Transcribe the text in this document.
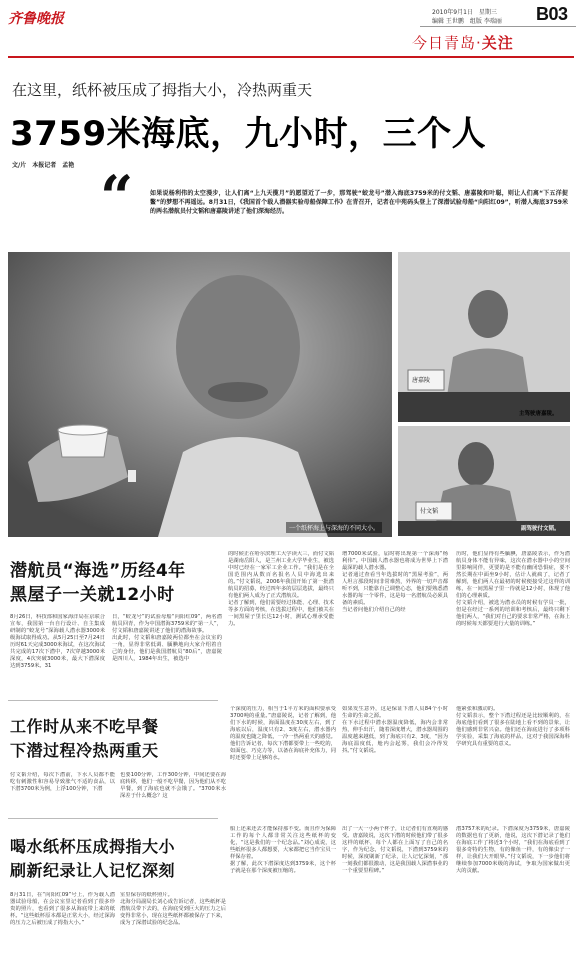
齐鲁晚报	2010年9月1日　星期三
编辑 王世鹏　组版 李瑞丽 B03
今日青岛·关注
在这里，纸杯被压成了拇指大小，冷热两重天
3759米海底，九小时，三个人
文/片　本报记者　孟艳 “	如果说杨利伟的太空漫步，让人们离“上九天揽月”的愿望近了一步，那驾驶“蛟龙号”潜入海底3759米的付文韬、唐嘉陵和叶聪，则让人们离“下五洋捉鳖”的梦想不再遥远。8月31日，《我国首个载人潜器实验母船保障工作》在青召开，记者在中苑码头登上了深潜试验母船“向阳红09”，听潜人海底3759米的两名潜航员付文韬和唐嘉陵讲述了他们深海经历。
一个纸杯海上与深海的不同大小。
唐嘉陵
主驾驶唐嘉陵。
付文韬
副驾驶付文韬。
潜航员“海选”历经4年
黑屋子一关就12小时
8月26日，科技部和国家海洋局在京联合宣布，我国第一台自行设计、自主集成研制的“蛟龙号”深海载人潜水器3000米级海试取得成功。从5月25日至7月24日历时61天完成3000米海试，在这次海试共完成的17次下潜中，7次穿越3000米深度，4次突破3000米，最大下潜深度达到3759米。31
日，“蛟龙号”的试验母船“向阳红09”，两名潜航员回青，作为中国潜海3759米的“第一人”，付文韬和唐嘉陵讲述了他们的潜海故事。
出此时，付文韬和唐嘉陵两位都坐在会议室的一角，显得非常低调、腼腆地向大家介绍着自己的身份，他们是我国潜航员“80后”，唐嘉陵是四川人，1984年出生，被选中
的时候正在哈尔滨理工大学读大三，而付文韬是湖南岳阳人，是兰州工业大学毕业生，被选中时已经在一家军工企业工作。“我们是在全国范围内从数百名报名人员中海选出来的。”付文韬说，2006年我国开始了第一批潜航员的招募，经过四年多的层层选拔，最终只有他们两人成为了正式潜航员。
记者了解到，他们需要经过体能、心理、技术等多方面的考核，在选拔过程中，他们被关在一间黑屋子里长达12小时，测试心理承受能力。
增7000米试验，届时将出现第一个深海“杨利伟”。中国载人潜水器也将成为世界上下潜最深的载人潜水器。
记者通过查看当年选拔时的“黑屋考验”，两人坦言那段时间非常难熬，外界的一切声音都听不到，只能靠自己调整心态，他们要熟悉潜水器的每一个零件，这是每一名潜航员必须具备的素质。
当记者问他们介绍自己的经
历时，他们显得有些腼腆，唐嘉陵表示，作为潜航员身体不能有异味，这次在潜水器中小的空间里影响同伴，更要的是不能有幽闭恐惧症，要不然长期在中面坐9小时，估计人就疯了，记者了解到，他们两人在最初的时候便接受过这样的训练，在一间黑屋子里一待就是12小时，体现了他们的心理素质。
付文韬介绍，被选为潜水员的时候有学员一批，但是在经过一系列的培训和考核后，最终只剩下他们两人，“我们对自己的要求非常严格，在海上的时候每天都要进行大量的训练。”
工作时从来不吃早餐
下潜过程冷热两重天
付文韬介绍，每次下潜前，下水人员都不能吃有刺激性和容易导致胀气不适的食品，以下潜3700米为例，上浮100分钟，下潜
也要100分钟，工作300分钟，中间还要在海底转移，他们一般不吃早餐，因为他们从不吃早餐，到了海底也就不会饿了。“3700米水深差于什么概念？这
个深度的压力，相当于1平方米的面积要承受3700吨的重量。”唐嘉陵说，记者了解到，他们下水的时候，海面温度在30度左右，到了海底以后，温度只有2、3度左右，潜水器内的温度也随之降低，一冷一热两重天的感觉。
他们告诉记者，每次下潜都要带上一些吃的，如面包、巧克力等，以备在海底补充体力，同时还要带上足够的水。
如果发生意外，这是保证下潜人员84个小时生命的生命之源。
在下水过程中潜水器温度降低，海内会非常热，伸手出汗，随着深度增大，潜水器周围的温度越来越低，到了海底只有2、3度，“因为海底温度低，舱内会起雾，我们会冷得发抖。”付文韬说。
他紧张和激动的。
付文韬表示，整个下潜过程还是比较顺利的，在海底他们看到了很多在陆地上看不到的景象，让他们感到非常兴奋。他们还在海底进行了多项科学实验，采集了海底的样品，这对于我国深海科学研究具有重要的意义。
喝水纸杯压成拇指大小
刷新纪录让人记忆深刻
8月31日，在“向阳红09”号上，作为载人潜器试验母船，在会议室里记者看到了很多珍贵的照片，也看到了很多从海底带上来的纸杯。“这些纸杯原本都是正常大小，经过深海的压力之后被压成了拇指大小。”
室里保存的纸杯照片。
北海分局副局长刘心成告诉记者，这些纸杯是潜航员带下去的，在海底受到巨大的压力之后变得非常小，现在这些纸杯都被保存了下来，成为了深潜试验的纪念品。
船上还来还去才能保持那不变。而且作为保障工作的每个人都非常关注这些纸杯的变化，“这是我们的一个纪念品。”刘心成说，这些纸杯很多人都想要，大家都把它当作宝贝一样保存着。
据了解，此次下潜深度达到3759米，这个杯子就是在那个深度被压缩的。
出了一大一小两个杯子，让记者们有直观的感受。唐嘉陵说，这次下潜的时候他们带了很多这样的纸杯，每个人都在上面写了自己的名字，作为纪念，付文韬说，下潜到3759米的时候，深度刷新了纪录，让人记忆深刻，“那一刻我们都很激动，这是我国载人深潜事业的一个重要里程碑。”
潜3757米的纪录。下潜深度为3759米，唐嘉陵的数据也有了更新，他说，这次下潜记录了他们在海底工作了将近3个小时，“我们在海底看到了很多奇特的生物，有的像鱼一样，有的像虫子一样，让我们大开眼界。”付文韬说，下一步他们将继续参加7000米级的海试，争取为国家做出更大的贡献。
